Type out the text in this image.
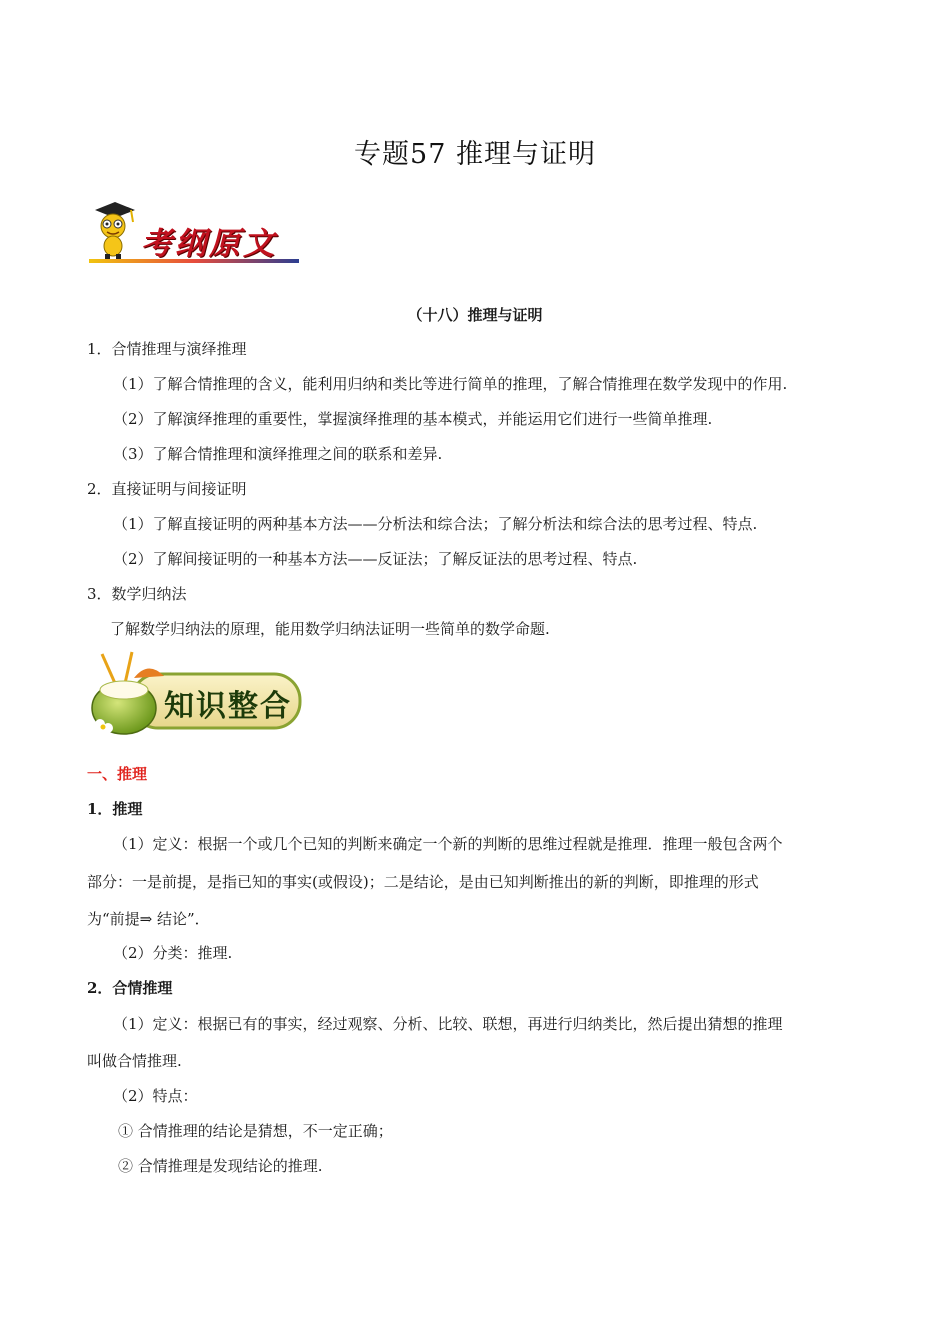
专题57 推理与证明
考纲原文
（十八）推理与证明
1．合情推理与演绎推理
（1）了解合情推理的含义，能利用归纳和类比等进行简单的推理，了解合情推理在数学发现中的作用.
（2）了解演绎推理的重要性，掌握演绎推理的基本模式，并能运用它们进行一些简单推理.
（3）了解合情推理和演绎推理之间的联系和差异.
2．直接证明与间接证明
（1）了解直接证明的两种基本方法——分析法和综合法；了解分析法和综合法的思考过程、特点.
（2）了解间接证明的一种基本方法——反证法；了解反证法的思考过程、特点.
3．数学归纳法
了解数学归纳法的原理，能用数学归纳法证明一些简单的数学命题.
知识整合
一、推理
1．推理
（1）定义：根据一个或几个已知的判断来确定一个新的判断的思维过程就是推理．推理一般包含两个
部分：一是前提，是指已知的事实(或假设)；二是结论，是由已知判断推出的新的判断，即推理的形式
为“前提⇒ 结论”．
（2）分类：推理.
2．合情推理
（1）定义：根据已有的事实，经过观察、分析、比较、联想，再进行归纳类比，然后提出猜想的推理
叫做合情推理.
（2）特点：
① 合情推理的结论是猜想，不一定正确；
② 合情推理是发现结论的推理.
